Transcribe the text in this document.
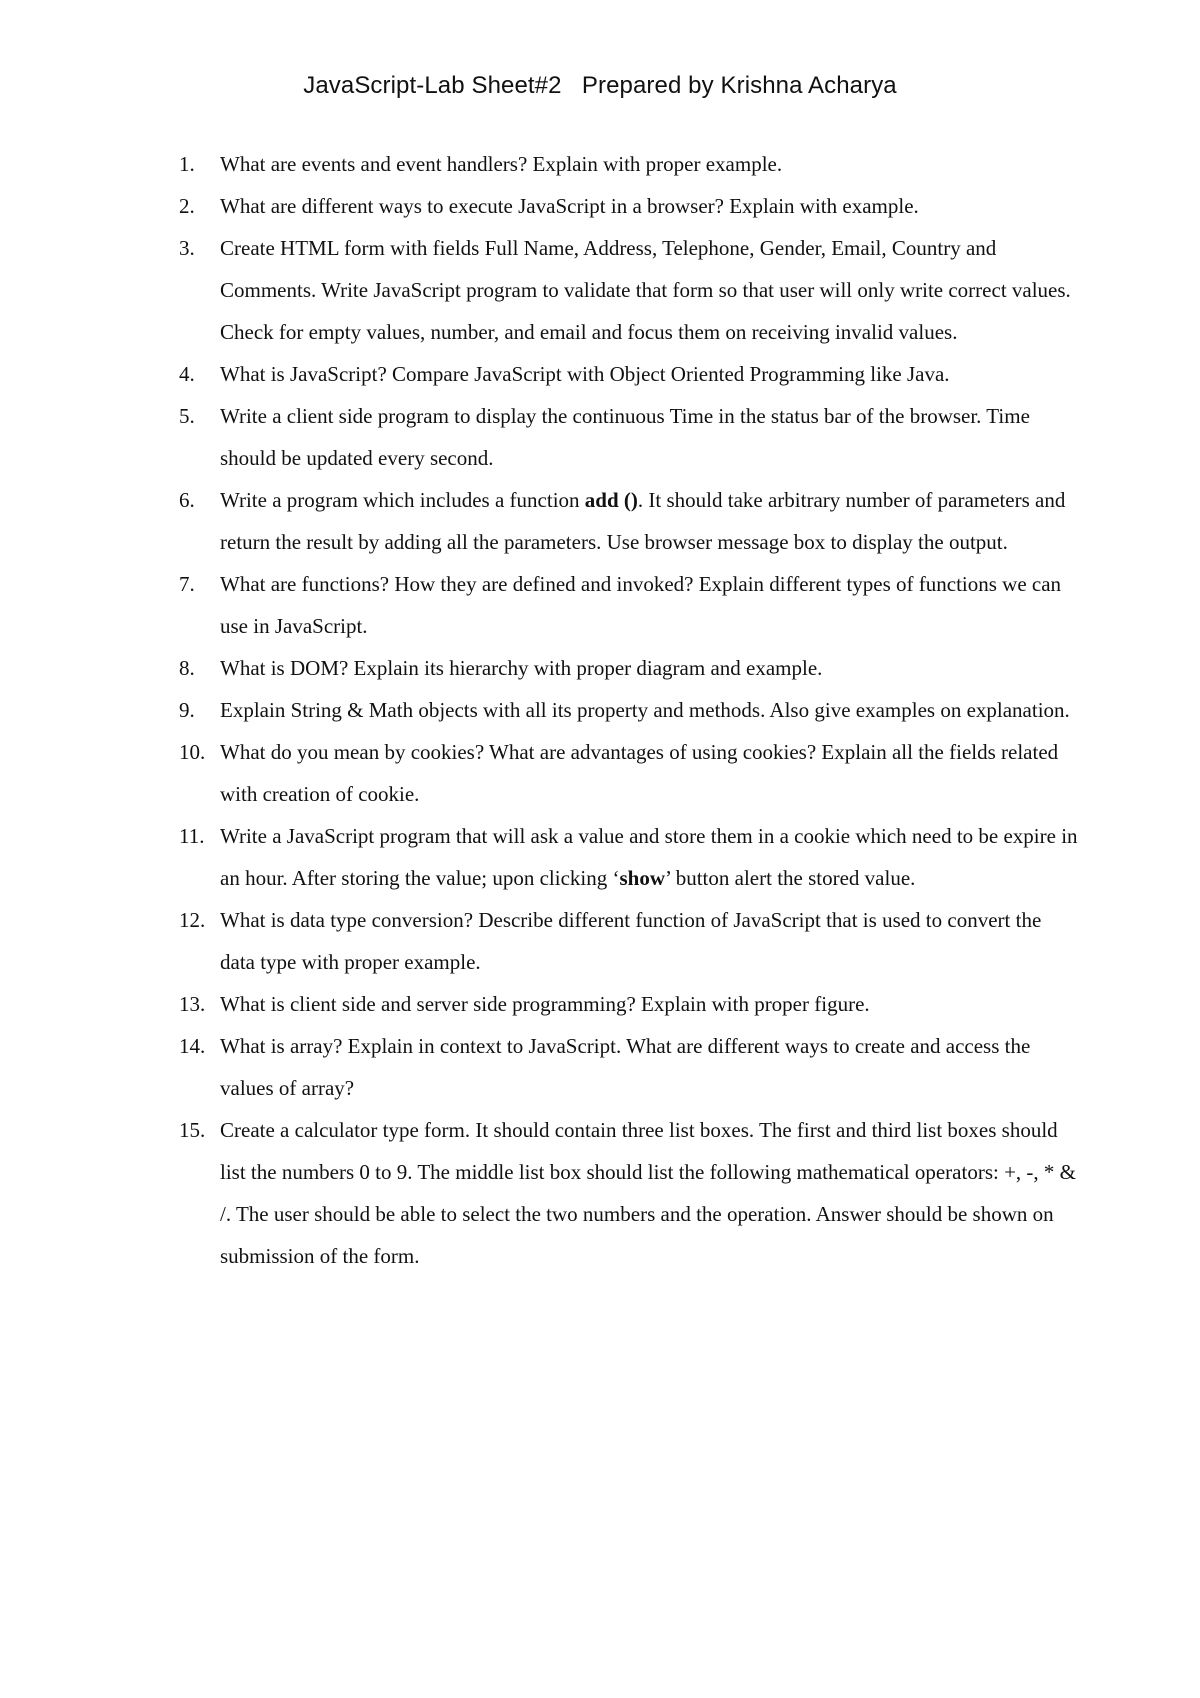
JavaScript-Lab Sheet#2   Prepared by Krishna Acharya
1.	What are events and event handlers? Explain with proper example.
2.	What are different ways to execute JavaScript in a browser? Explain with example.
3.	Create HTML form with fields Full Name, Address, Telephone, Gender, Email, Country and Comments. Write JavaScript program to validate that form so that user will only write correct values. Check for empty values, number, and email and focus them on receiving invalid values.
4.	What is JavaScript? Compare JavaScript with Object Oriented Programming like Java.
5.	Write a client side program to display the continuous Time in the status bar of the browser. Time should be updated every second.
6.	Write a program which includes a function add (). It should take arbitrary number of parameters and return the result by adding all the parameters. Use browser message box to display the output.
7.	What are functions? How they are defined and invoked? Explain different types of functions we can use in JavaScript.
8.	What is DOM? Explain its hierarchy with proper diagram and example.
9.	Explain String & Math objects with all its property and methods. Also give examples on explanation.
10. What do you mean by cookies? What are advantages of using cookies? Explain all the fields related with creation of cookie.
11. Write a JavaScript program that will ask a value and store them in a cookie which need to be expire in an hour. After storing the value; upon clicking ‘show’ button alert the stored value.
12. What is data type conversion? Describe different function of JavaScript that is used to convert the data type with proper example.
13. What is client side and server side programming? Explain with proper figure.
14. What is array? Explain in context to JavaScript. What are different ways to create and access the values of array?
15. Create a calculator type form. It should contain three list boxes. The first and third list boxes should list the numbers 0 to 9. The middle list box should list the following mathematical operators: +, -, * & /. The user should be able to select the two numbers and the operation. Answer should be shown on submission of the form.
